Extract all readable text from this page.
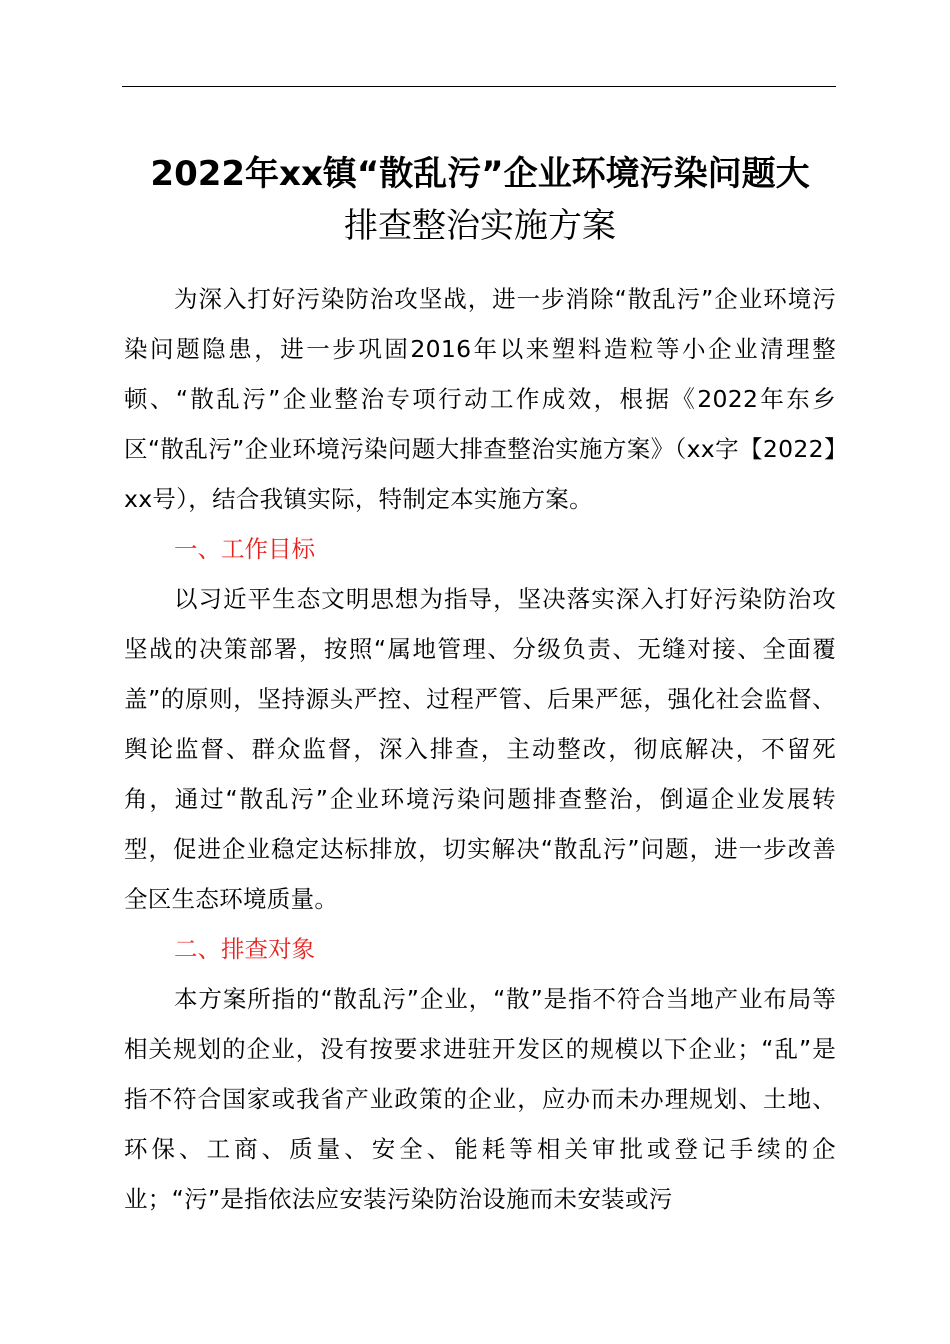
2022年xx镇“散乱污”企业环境污染问题大
排查整治实施方案

为深入打好污染防治攻坚战，进一步消除“散乱污”企业环境污染问题隐患，进一步巩固2016年以来塑料造粒等小企业清理整顿、“散乱污”企业整治专项行动工作成效，根据《2022年东乡区“散乱污”企业环境污染问题大排查整治实施方案》（xx字【2022】xx号），结合我镇实际，特制定本实施方案。

一、工作目标

以习近平生态文明思想为指导，坚决落实深入打好污染防治攻坚战的决策部署，按照“属地管理、分级负责、无缝对接、全面覆盖”的原则，坚持源头严控、过程严管、后果严惩，强化社会监督、舆论监督、群众监督，深入排查，主动整改，彻底解决，不留死角，通过“散乱污”企业环境污染问题排查整治，倒逼企业发展转型，促进企业稳定达标排放，切实解决“散乱污”问题，进一步改善全区生态环境质量。

二、排查对象

本方案所指的“散乱污”企业，“散”是指不符合当地产业布局等相关规划的企业，没有按要求进驻开发区的规模以下企业；“乱”是指不符合国家或我省产业政策的企业，应办而未办理规划、土地、环保、工商、质量、安全、能耗等相关审批或登记手续的企业；“污”是指依法应安装污染防治设施而未安装或污
